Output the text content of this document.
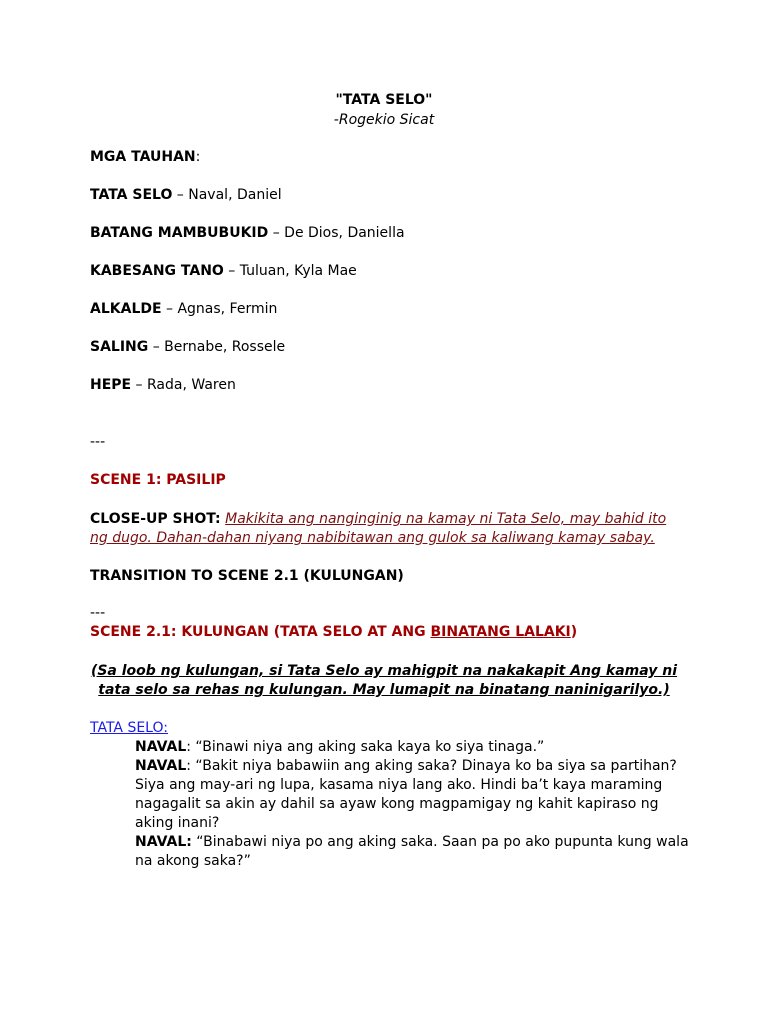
"TATA SELO"
-Rogekio Sicat
MGA TAUHAN:
TATA SELO – Naval, Daniel
BATANG MAMBUBUKID – De Dios, Daniella
KABESANG TANO – Tuluan, Kyla Mae
ALKALDE – Agnas, Fermin
SALING – Bernabe, Rossele
HEPE – Rada, Waren
---
SCENE 1: PASILIP
CLOSE-UP SHOT: Makikita ang nanginginig na kamay ni Tata Selo, may bahid ito
ng dugo. Dahan-dahan niyang nabibitawan ang gulok sa kaliwang kamay sabay.
TRANSITION TO SCENE 2.1 (KULUNGAN)
---
SCENE 2.1: KULUNGAN (TATA SELO AT ANG BINATANG LALAKI)
(Sa loob ng kulungan, si Tata Selo ay mahigpit na nakakapit Ang kamay ni
tata selo sa rehas ng kulungan. May lumapit na binatang naninigarilyo.)
TATA SELO:

NAVAL: “Binawi niya ang aking saka kaya ko siya tinaga.”

NAVAL: “Bakit niya babawiin ang aking saka? Dinaya ko ba siya sa partihan? Siya ang may-ari ng lupa, kasama niya lang ako. Hindi ba’t kaya maraming nagagalit sa akin ay dahil sa ayaw kong magpamigay ng kahit kapiraso ng aking inani?

NAVAL: “Binabawi niya po ang aking saka. Saan pa po ako pupunta kung wala na akong saka?”
